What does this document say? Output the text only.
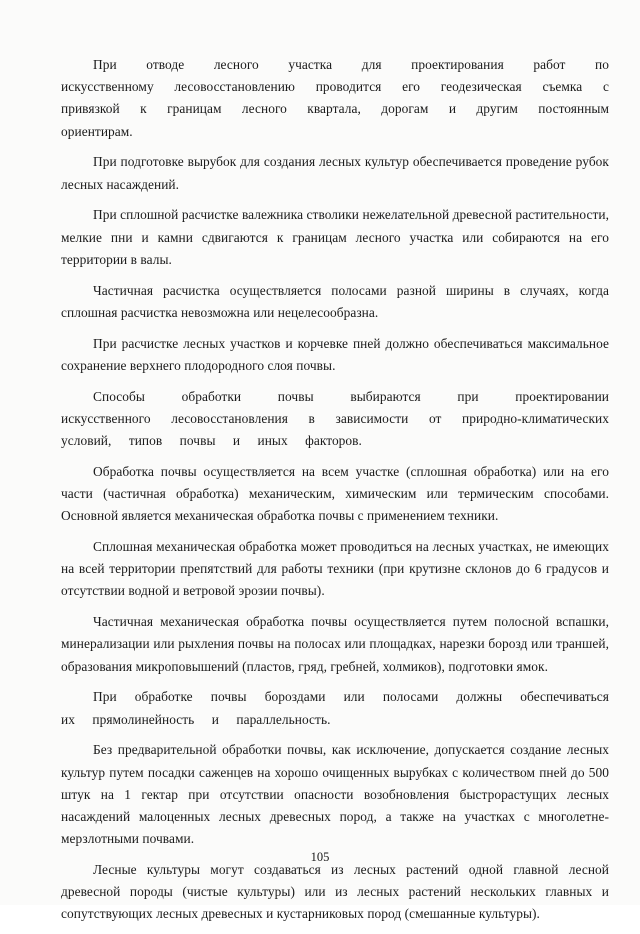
При отводе лесного участка для проектирования работ по искусственному лесовосстановлению проводится его геодезическая съемка с привязкой к границам лесного квартала, дорогам и другим постоянным ориентирам.

При подготовке вырубок для создания лесных культур обеспечивается проведение рубок лесных насаждений.

При сплошной расчистке валежника стволики нежелательной древесной растительности, мелкие пни и камни сдвигаются к границам лесного участка или собираются на его территории в валы.

Частичная расчистка осуществляется полосами разной ширины в случаях, когда сплошная расчистка невозможна или нецелесообразна.

При расчистке лесных участков и корчевке пней должно обеспечиваться максимальное сохранение верхнего плодородного слоя почвы.

Способы обработки почвы выбираются при проектировании искусственного лесовосстановления в зависимости от природно-климатических условий, типов почвы и иных факторов.

Обработка почвы осуществляется на всем участке (сплошная обработка) или на его части (частичная обработка) механическим, химическим или термическим способами. Основной является механическая обработка почвы с применением техники.

Сплошная механическая обработка может проводиться на лесных участках, не имеющих на всей территории препятствий для работы техники (при крутизне склонов до 6 градусов и отсутствии водной и ветровой эрозии почвы).

Частичная механическая обработка почвы осуществляется путем полосной вспашки, минерализации или рыхления почвы на полосах или площадках, нарезки борозд или траншей, образования микроповышений (пластов, гряд, гребней, холмиков), подготовки ямок.

При обработке почвы бороздами или полосами должны обеспечиваться их прямолинейность и параллельность.

Без предварительной обработки почвы, как исключение, допускается создание лесных культур путем посадки саженцев на хорошо очищенных вырубках с количеством пней до 500 штук на 1 гектар при отсутствии опасности возобновления быстрорастущих лесных насаждений малоценных лесных древесных пород, а также на участках с многолетне-мерзлотными почвами.

Лесные культуры могут создаваться из лесных растений одной главной лесной древесной породы (чистые культуры) или из лесных растений нескольких главных и сопутствующих лесных древесных и кустарниковых пород (смешанные культуры).

105
